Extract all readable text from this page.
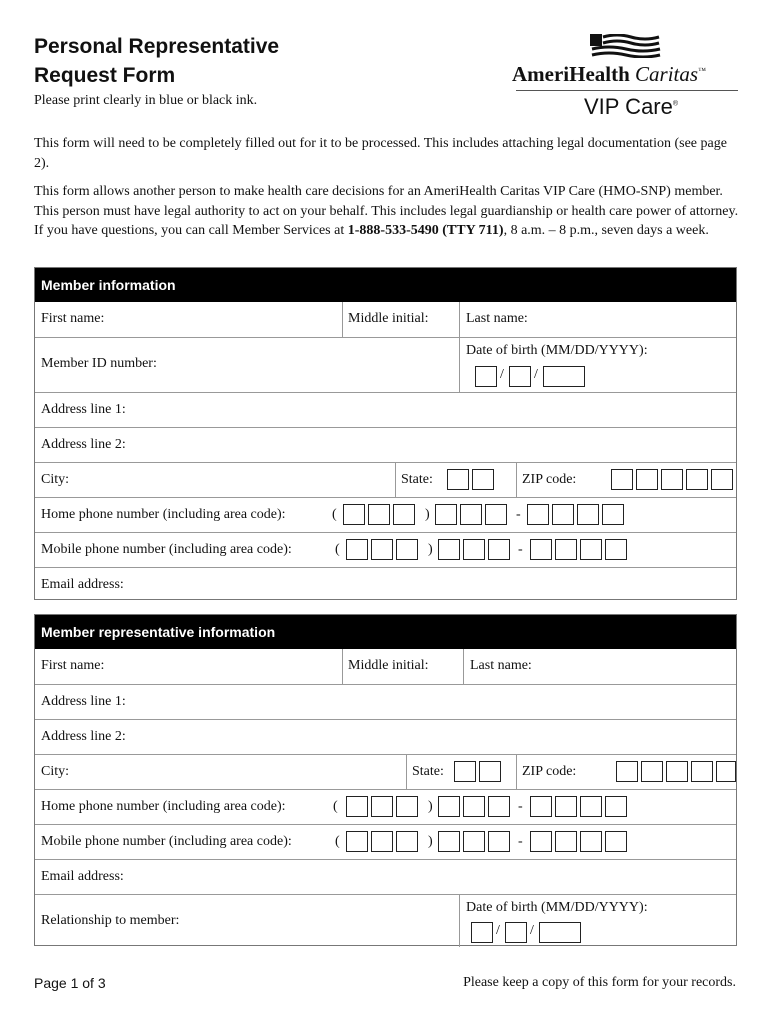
Personal Representative
Request Form
Please print clearly in blue or black ink.
AmeriHealth Caritas™
VIP Care®
This form will need to be completely filled out for it to be processed. This includes attaching legal documentation (see page 2).
This form allows another person to make health care decisions for an AmeriHealth Caritas VIP Care (HMO-SNP) member. This person must have legal authority to act on your behalf. This includes legal guardianship or health care power of attorney. If you have questions, you can call Member Services at 1-888-533-5490 (TTY 711), 8 a.m. – 8 p.m., seven days a week.
Member information
First name:	Middle initial:	Last name:
Member ID number:
Date of birth (MM/DD/YYYY):
/ /
Address line 1:
Address line 2:
City:	State:	ZIP code:
Home phone number (including area code):	(	)	-
Mobile phone number (including area code):	(	)	-
Email address:
Member representative information
First name:	Middle initial:	Last name:
Address line 1:
Address line 2:
City:	State:	ZIP code:
Home phone number (including area code):	(	)	-
Mobile phone number (including area code):	(	)	-
Email address:
Relationship to member:
Date of birth (MM/DD/YYYY):
/ /
Page 1 of 3	Please keep a copy of this form for your records.
